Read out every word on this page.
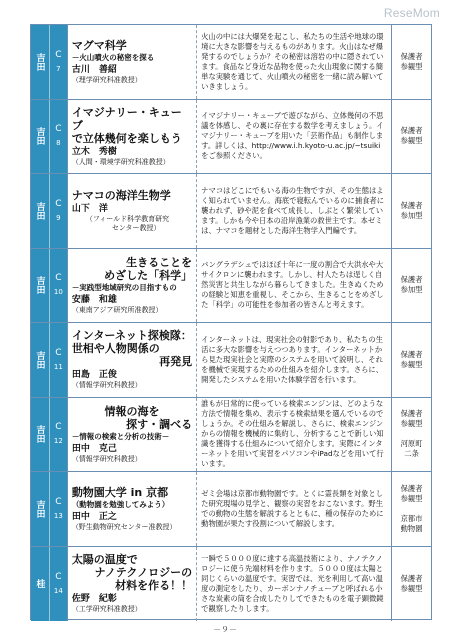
ReseMom
吉田 C
7
マグマ科学
－火山噴火の秘密を探る
古川　善紹
（理学研究科准教授）
火山の中には大爆発を起こし、私たちの生活や地球の環境に大きな影響を与えるものがあります。火山はなぜ爆発するのでしょうか？その秘密は溶岩の中に隠されています。食品など身近な品物を使った火山現象に関する簡単な実験を通じて、火山噴火の秘密を一緒に読み解いていきましょう。
保護者参観型
吉田 C
8
イマジナリー・キューブ
で立体幾何を楽しもう
立木　秀樹
（人間・環境学研究科准教授）
イマジナリー・キューブで遊びながら、立体幾何の不思議を体感し、その裏に存在する数学を考えましょう。イマジナリー・キューブを用いた「芸術作品」も制作します。詳しくは、http://www.i.h.kyoto-u.ac.jp/~tsuiki をご参照ください。
保護者参観型
吉田 C
9
ナマコの海洋生物学
山下　洋
（フィールド科学教育研究
センター教授）
ナマコはどこにでもいる海の生物ですが、その生態はよく知られていません。海底で寝転んでいるのに捕食者に襲われず、砂や泥を食べて成長し、しぶとく繁栄しています。しかも今や日本の沿岸漁業の救世主です。本ゼミは、ナマコを題材とした海洋生物学入門編です。
保護者参加型
吉田 C
10
生きることを
めざした「科学」
－実践型地域研究の目指すもの
安藤　和雄
（東南アジア研究所准教授）
バングラデシュではほぼ十年に一度の割合で大洪水や大サイクロンに襲われます。しかし、村人たちは逞しく自然災害と共生しながら暮らしてきました。生きぬくための経験と知恵を重視し、そこから、生きることをめざした「科学」の可能性を参加者の皆さんと考えます。
保護者参加型
吉田 C
11
インターネット探検隊：
世相や人物関係の
再発見
田島　正俊
（情報学研究科教授）
インターネットは、現実社会の射影であり、私たちの生活に多大な影響を与えつつあります。インターネットから見た現実社会と実際のシステムを用いて説明し、それを機械で実現するための仕組みを紹介します。さらに、開発したシステムを用いた体験学習を行います。
保護者参観型
吉田 C
12
情報の海を
探す・調べる
－情報の検索と分析の技術－
田中　克己
（情報学研究科教授）
誰もが日常的に使っている検索エンジンは、どのような方法で情報を集め、表示する検索結果を選んでいるのでしょうか。その仕組みを解説し、さらに、検索エンジンからの情報を機械的に集約し、分析することで新しい知識を獲得する仕組みについて紹介します。実際にインターネットを用いて実習をパソコンやiPadなどを用いて行います。
保護者参観型
河原町二条
吉田 C
13
動物園大学 in 京都
（動物園を勉強してみよう）
田中　正之
（野生動物研究センター准教授）
ゼミ会場は京都市動物園です。とくに霊長類を対象とした研究現場の見学と、観察の実習をおこないます。野生での動物の生態を解説するとともに、種の保存のために動物園が果たす役割について解説します。
保護者参観型
京都市動物園
桂
C
14
太陽の温度で
ナノテクノロジーの
材料を作る！！
佐野　紀彰
（工学研究科准教授）
一瞬で５０００度に達する高温技術により、ナノテクノロジーに使う先端材料を作ります。５０００度は太陽と同じくらいの温度です。実習では、光を利用して高い温度の測定をしたり、カーボンナノチューブと呼ばれる小さな炭素の筒を合成したりしてできたものを電子顕微鏡で観察したりします。
保護者参観型
－９－
